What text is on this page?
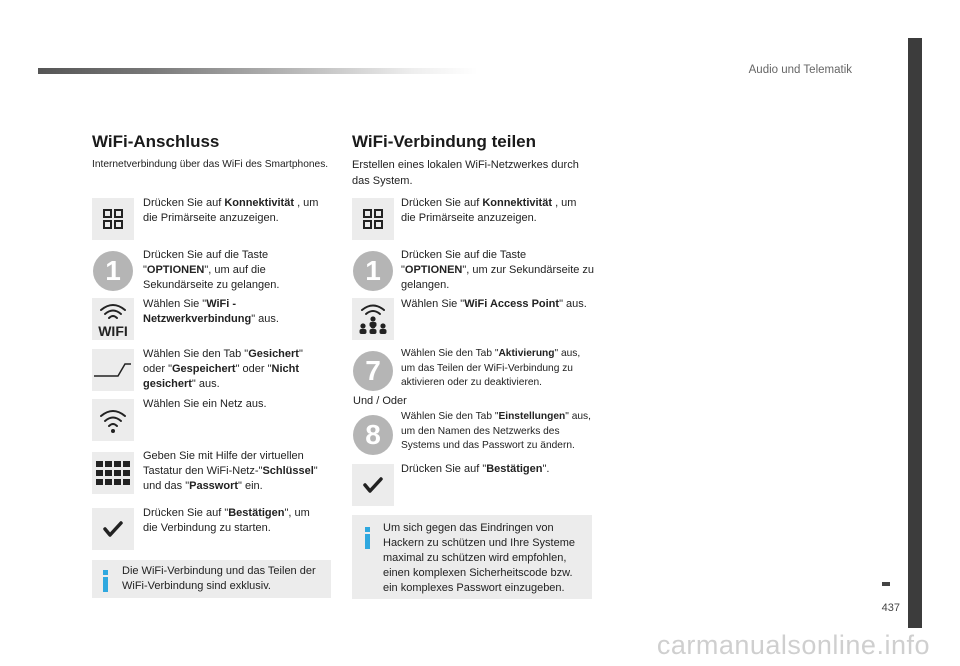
Audio und Telematik
437
WiFi-Anschluss
Internetverbindung über das WiFi des Smartphones.
Drücken Sie auf Konnektivität , um die Primärseite anzuzeigen.
1	Drücken Sie auf die Taste "OPTIONEN", um auf die Sekundärseite zu gelangen.
WIFI
Wählen Sie "WiFi -Netzwerkverbindung" aus.
Wählen Sie den Tab "Gesichert" oder "Gespeichert" oder "Nicht gesichert" aus.
Wählen Sie ein Netz aus.
Geben Sie mit Hilfe der virtuellen Tastatur den WiFi-Netz-"Schlüssel" und das "Passwort" ein.
Drücken Sie auf "Bestätigen", um die Verbindung zu starten.
Die WiFi-Verbindung und das Teilen der WiFi-Verbindung sind exklusiv.
WiFi-Verbindung teilen
Erstellen eines lokalen WiFi-Netzwerkes durch das System.
Drücken Sie auf Konnektivität , um die Primärseite anzuzeigen.
1	Drücken Sie auf die Taste "OPTIONEN", um zur Sekundärseite zu gelangen.
Wählen Sie "WiFi Access Point" aus.
7
Wählen Sie den Tab "Aktivierung" aus, um das Teilen der WiFi-Verbindung zu aktivieren oder zu deaktivieren.
Und / Oder
8
Wählen Sie den Tab "Einstellungen" aus, um den Namen des Netzwerks des Systems und das Passwort zu ändern.
Drücken Sie auf "Bestätigen".
Um sich gegen das Eindringen von Hackern zu schützen und Ihre Systeme maximal zu schützen wird empfohlen, einen komplexen Sicherheitscode bzw. ein komplexes Passwort einzugeben.
carmanualsonline.info
